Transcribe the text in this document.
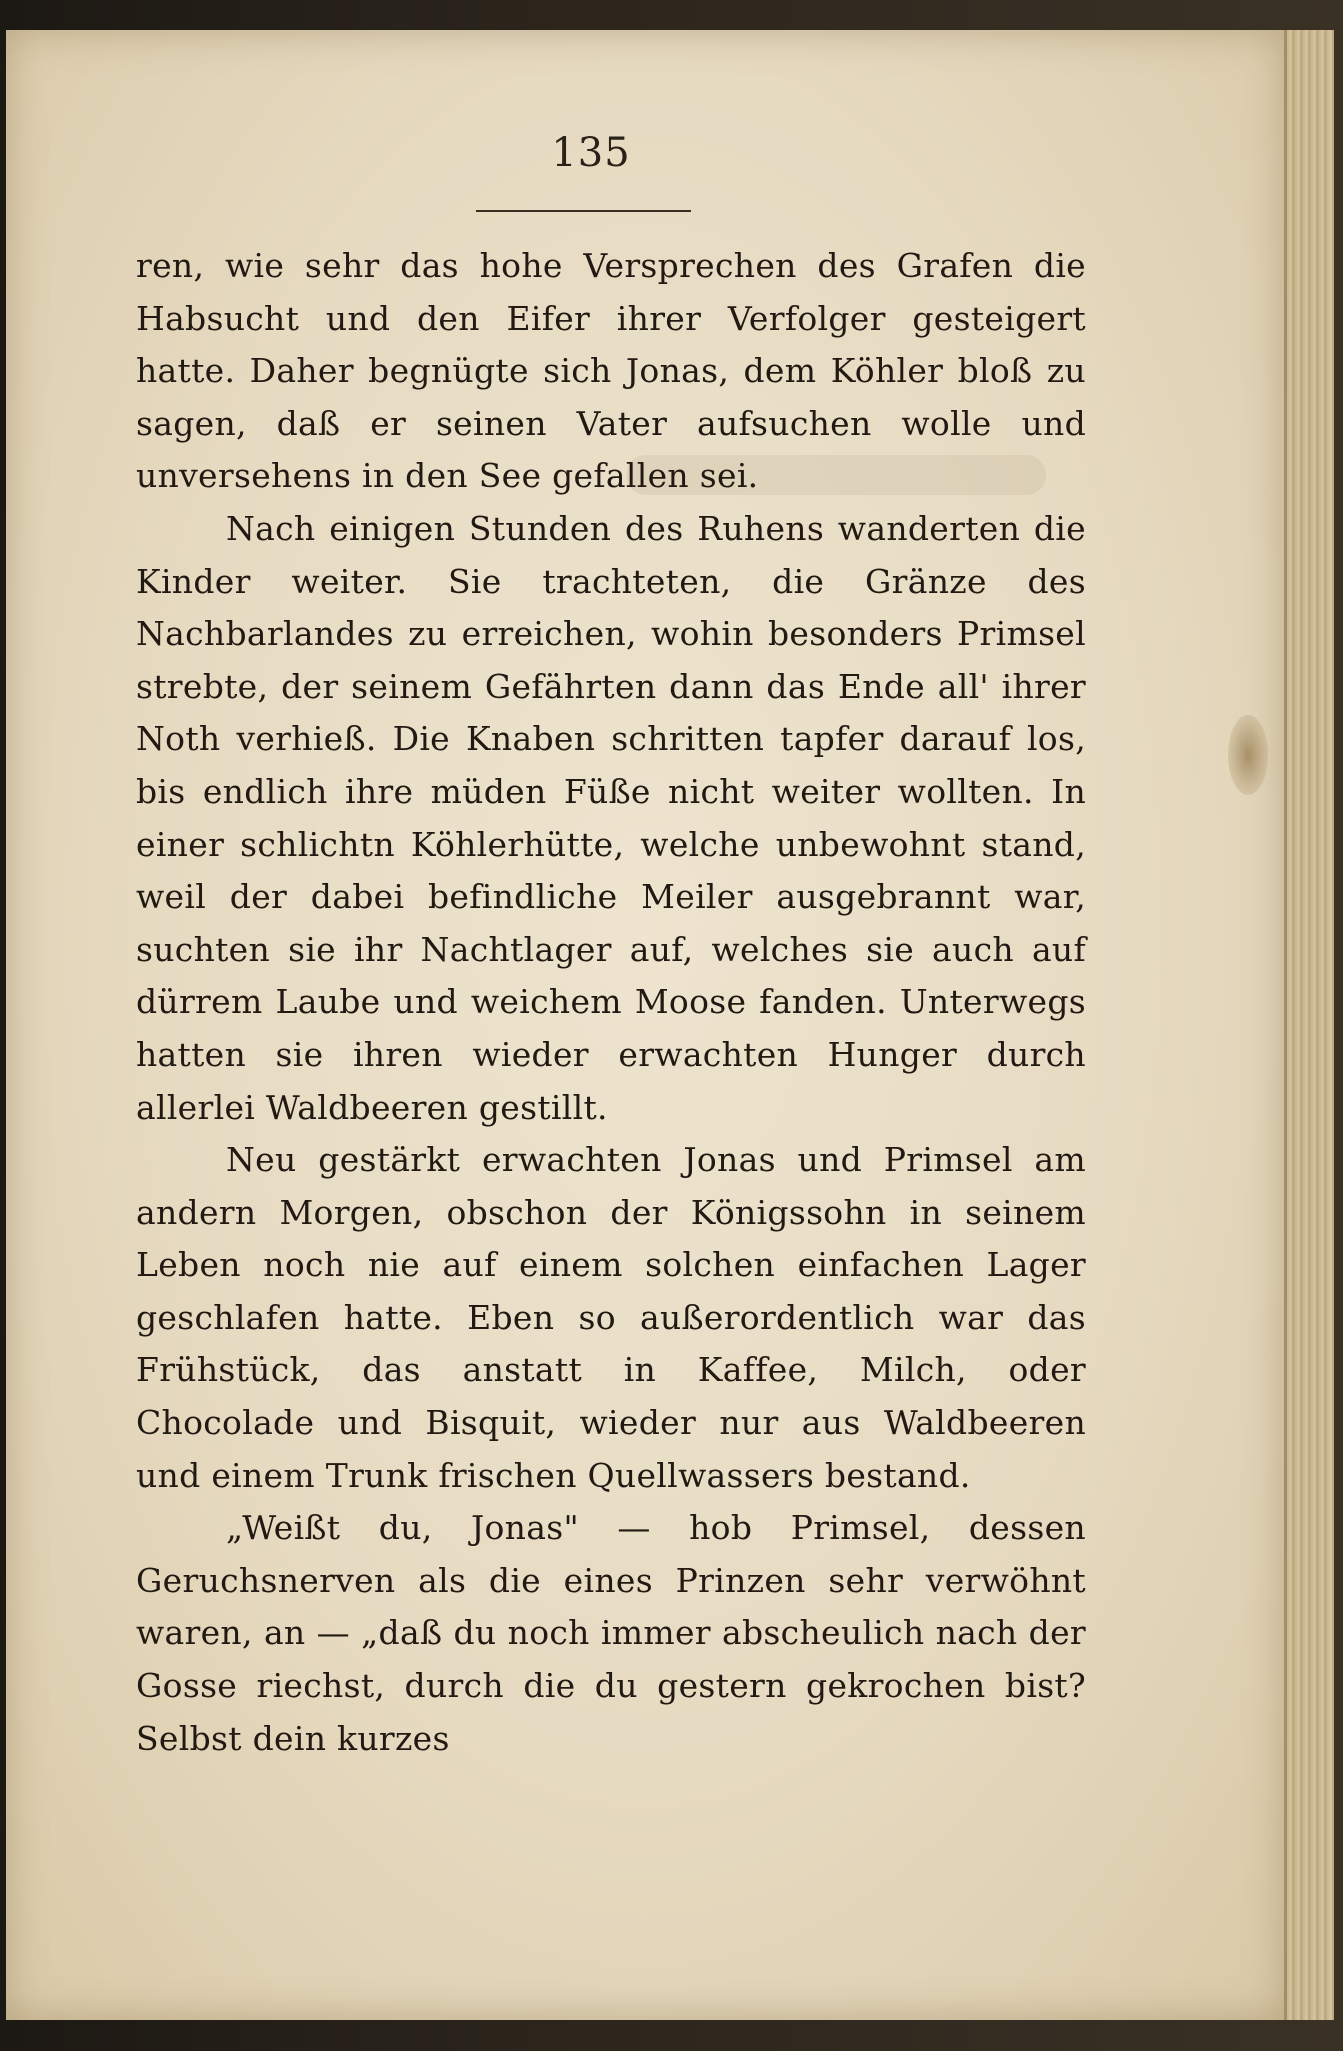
135

ren, wie sehr das hohe Versprechen des Grafen die Habsucht und den Eifer ihrer Verfolger gesteigert hatte. Daher begnügte sich Jonas, dem Köhler bloß zu sagen, daß er seinen Vater aufsuchen wolle und unversehens in den See gefallen sei.

Nach einigen Stunden des Ruhens wanderten die Kinder weiter. Sie trachteten, die Gränze des Nachbarlandes zu erreichen, wohin besonders Primsel strebte, der seinem Gefährten dann das Ende all' ihrer Noth verhieß. Die Knaben schritten tapfer darauf los, bis endlich ihre müden Füße nicht weiter wollten. In einer schlichtn Köhlerhütte, welche unbewohnt stand, weil der dabei befindliche Meiler ausgebrannt war, suchten sie ihr Nachtlager auf, welches sie auch auf dürrem Laube und weichem Moose fanden. Unterwegs hatten sie ihren wieder erwachten Hunger durch allerlei Waldbeeren gestillt.

Neu gestärkt erwachten Jonas und Primsel am andern Morgen, obschon der Königssohn in seinem Leben noch nie auf einem solchen einfachen Lager geschlafen hatte. Eben so außerordentlich war das Frühstück, das anstatt in Kaffee, Milch, oder Chocolade und Bisquit, wieder nur aus Waldbeeren und einem Trunk frischen Quellwassers bestand.

„Weißt du, Jonas" — hob Primsel, dessen Geruchsnerven als die eines Prinzen sehr verwöhnt waren, an — „daß du noch immer abscheulich nach der Gosse riechst, durch die du gestern gekrochen bist? Selbst dein kurzes
